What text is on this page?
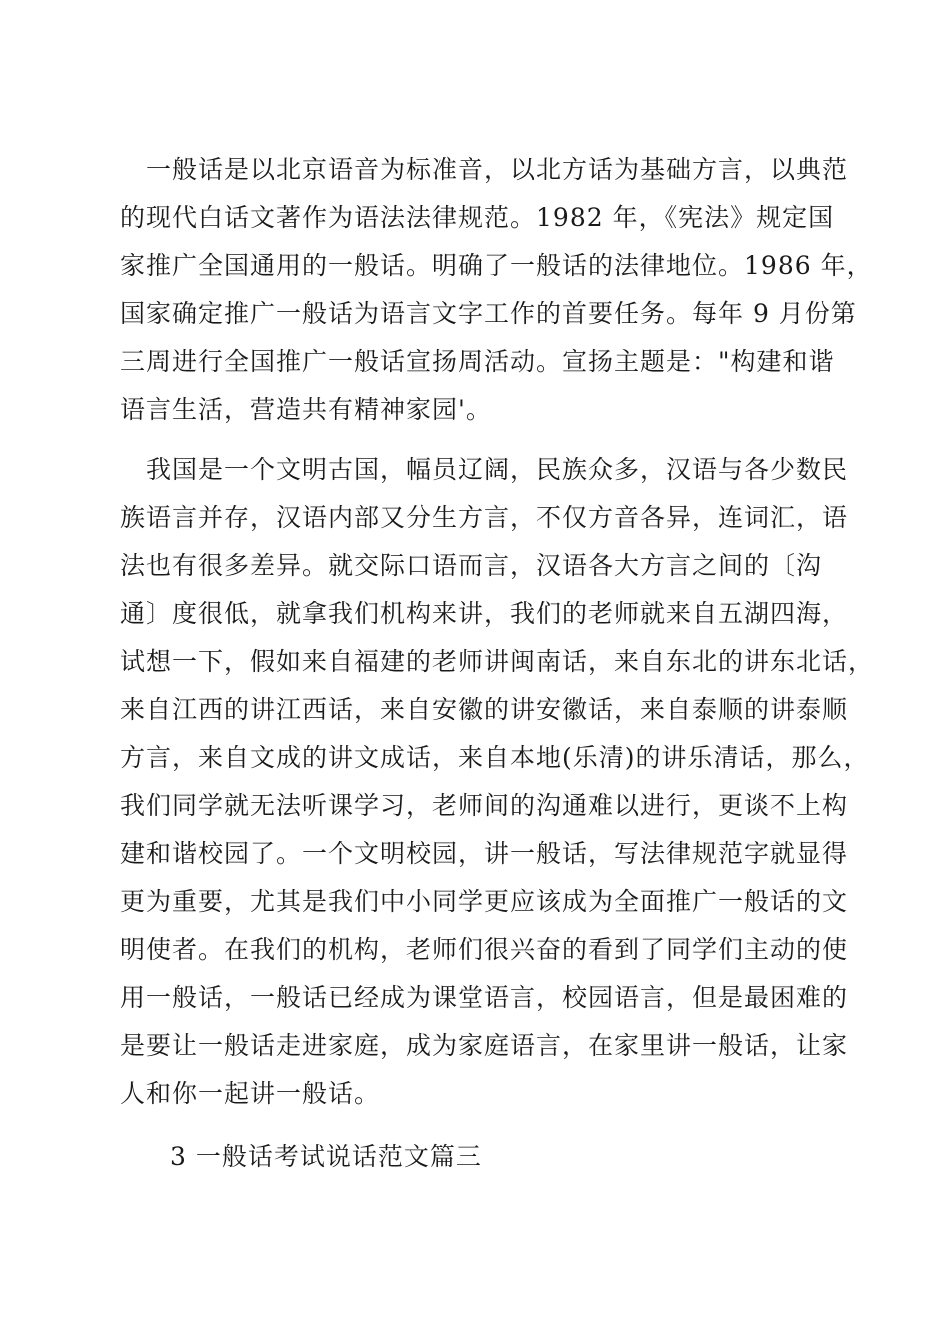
一般话是以北京语音为标准音，以北方话为基础方言，以典范
的现代白话文著作为语法法律规范。1982 年，《宪法》规定国
家推广全国通用的一般话。明确了一般话的法律地位。1986 年，
国家确定推广一般话为语言文字工作的首要任务。每年 9 月份第
三周进行全国推广一般话宣扬周活动。宣扬主题是："构建和谐
语言生活，营造共有精神家园'。
我国是一个文明古国，幅员辽阔，民族众多，汉语与各少数民
族语言并存，汉语内部又分生方言，不仅方音各异，连词汇，语
法也有很多差异。就交际口语而言，汉语各大方言之间的〔沟
通〕度很低，就拿我们机构来讲，我们的老师就来自五湖四海，
试想一下，假如来自福建的老师讲闽南话，来自东北的讲东北话，
来自江西的讲江西话，来自安徽的讲安徽话，来自泰顺的讲泰顺
方言，来自文成的讲文成话，来自本地(乐清)的讲乐清话，那么，
我们同学就无法听课学习，老师间的沟通难以进行，更谈不上构
建和谐校园了。一个文明校园，讲一般话，写法律规范字就显得
更为重要，尤其是我们中小同学更应该成为全面推广一般话的文
明使者。在我们的机构，老师们很兴奋的看到了同学们主动的使
用一般话，一般话已经成为课堂语言，校园语言，但是最困难的
是要让一般话走进家庭，成为家庭语言，在家里讲一般话，让家
人和你一起讲一般话。
3 一般话考试说话范文篇三
